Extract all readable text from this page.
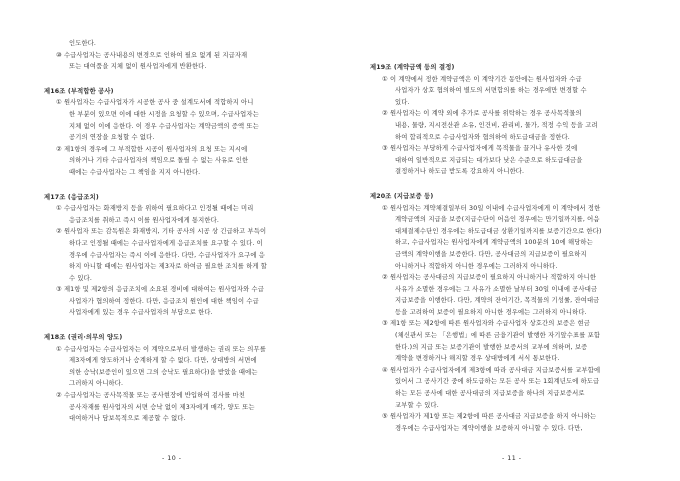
인도한다.
⑩ 수급사업자는 공사내용의 변경으로 인하여 필요 없게 된 지급자재
또는 대여품을 지체 없이 원사업자에게 반환한다.
제16조 (부적합한 공사)
① 원사업자는 수급사업자가 시공한 공사 중 설계도서에 적합하지 아니
한 부분이 있으면 이에 대한 시정을 요청할 수 있으며, 수급사업자는
지체 없이 이에 응한다. 이 경우 수급사업자는 계약금액의 증액 또는
공기의 연장을 요청할 수 없다.
② 제1항의 경우에 그 부적합한 시공이 원사업자의 요청 또는 지시에
의하거나 기타 수급사업자의 책임으로 돌릴 수 없는 사유로 인한
때에는 수급사업자는 그 책임을 지지 아니한다.
제17조 (응급조치)
① 수급사업자는 화재방지 등을 위하여 필요하다고 인정될 때에는 미리
응급조치를 취하고 즉시 이를 원사업자에게 통지한다.
② 원사업자 또는 감독원은 화재방지, 기타 공사의 시공 상 긴급하고 부득이
하다고 인정될 때에는 수급사업자에게 응급조치를 요구할 수 있다. 이
경우에 수급사업자는 즉시 이에 응한다. 다만, 수급사업자가 요구에 응
하지 아니할 때에는 원사업자는 제3자로 하여금 필요한 조치를 하게 할
수 있다.
③ 제1항 및 제2항의 응급조치에 소요된 경비에 대하여는 원사업자와 수급
사업자가 협의하여 정한다. 다만, 응급조치 원인에 대한 책임이 수급
사업자에게 있는 경우 수급사업자의 부담으로 한다.
제18조 (권리·의무의 양도)
① 수급사업자는 수급사업자는 이 계약으로부터 발생하는 권리 또는 의무를
제3자에게 양도하거나 승계하게 할 수 없다. 다만, 상대방의 서면에
의한 승낙(보증인이 있으면 그의 승낙도 필요하다)을 받았을 때에는
그러하지 아니하다.
② 수급사업자는 공사목적물 또는 공사현장에 반입하여 검사를 마친
공사자재를 원사업자의 서면 승낙 없이 제3자에게 매각, 양도 또는
대여하거나 담보목적으로 제공할 수 없다.
제19조 (계약금액 등의 결정)
① 이 계약에서 정한 계약금액은 이 계약기간 동안에는 원사업자와 수급
사업자가 상호 협의하여 별도의 서면합의를 하는 경우에만 변경할 수
있다.
② 원사업자는 이 계약 외에 추가로 공사를 위탁하는 경우 공사목적물의
내용, 물량, 지시전산관 소유, 인건비, 관리비, 물가, 적정 수익 등을 고려
하여 합리적으로 수급사업자와 협의하여 하도급대금을 정한다.
③ 원사업자는 부당하게 수급사업자에게 목적물을 끌거나 유사한 것에
대하여 일반적으로 지급되는 대가보다 낮은 수준으로 하도급대금을
결정하거나 하도급 받도록 강요하지 아니한다.
제20조 (지급보증 등)
① 원사업자는 계약체결일부터 30일 이내에 수급사업자에게 이 계약에서 정한
계약금액의 지급을 보증(지급수단이 어음인 경우에는 만기일까지를, 어음
대체결제수단인 경우에는 하도급대금 상환기일까지를 보증기간으로 한다)
하고, 수급사업자는 원사업자에게 계약금액의 100분의 10에 해당하는
금액의 계약이행을 보증한다. 다만, 공사대금의 지급보증이 필요하지
아니하거나 적합하지 아니한 경우에는 그러하지 아니하다.
② 원사업자는 공사대금의 지급보증이 필요하지 아니하거나 적합하지 아니한
사유가 소멸한 경우에는 그 사유가 소멸한 날부터 30일 이내에 공사대금
지급보증을 이행한다. 다만, 계약의 잔여기간, 목적물의 기성률, 잔여대금
등을 고려하여 보증이 필요하지 아니한 경우에는 그러하지 아니하다.
③ 제1항 또는 제2항에 따른 원사업자와 수급사업자 상호간의 보증은 현금
(체신관서 또는 「은행법」에 따른 금융기관이 발행한 자기앞수표를 포함
한다.)의 지급 또는 보증기관이 발행한 보증서의 교부에 의하며, 보증
계약을 변경하거나 해지할 경우 상대방에게 서식 통보한다.
④ 원사업자가 수급사업자에게 제3항에 따라 공사대금 지급보증서를 교부함에
있어서 그 공사기간 중에 하도급하는 모든 공사 또는 1회계년도에 하도급
하는 모든 공사에 대한 공사대금의 지급보증을 하나의 지급보증서로
교부할 수 있다.
⑤ 원사업자가 제1항 또는 제2항에 따른 공사대금 지급보증을 하지 아니하는
경우에는 수급사업자는 계약이행을 보증하지 아니할 수 있다. 다만,
- 10 -	- 11 -
